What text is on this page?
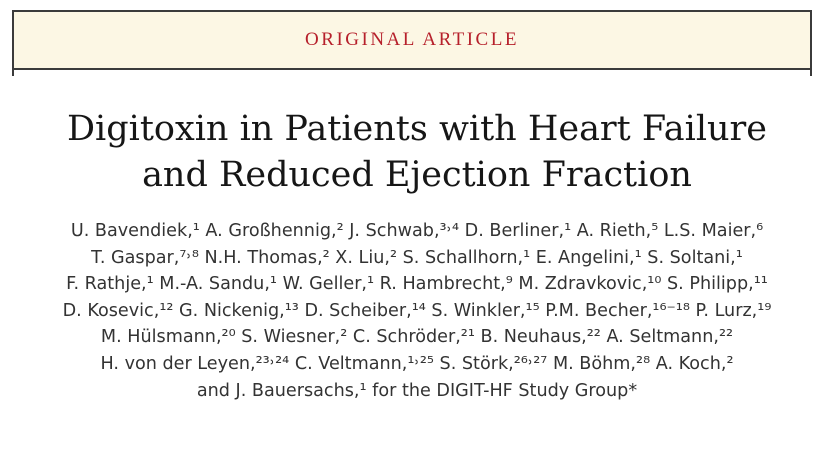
ORIGINAL ARTICLE
Digitoxin in Patients with Heart Failure
and Reduced Ejection Fraction
U. Bavendiek,¹ A. Großhennig,² J. Schwab,³˒⁴ D. Berliner,¹ A. Rieth,⁵ L.S. Maier,⁶
T. Gaspar,⁷˒⁸ N.H. Thomas,² X. Liu,² S. Schallhorn,¹ E. Angelini,¹ S. Soltani,¹
F. Rathje,¹ M.-A. Sandu,¹ W. Geller,¹ R. Hambrecht,⁹ M. Zdravkovic,¹⁰ S. Philipp,¹¹
D. Kosevic,¹² G. Nickenig,¹³ D. Scheiber,¹⁴ S. Winkler,¹⁵ P.M. Becher,¹⁶⁻¹⁸ P. Lurz,¹⁹
M. Hülsmann,²⁰ S. Wiesner,² C. Schröder,²¹ B. Neuhaus,²² A. Seltmann,²²
H. von der Leyen,²³˒²⁴ C. Veltmann,¹˒²⁵ S. Störk,²⁶˒²⁷ M. Böhm,²⁸ A. Koch,²
and J. Bauersachs,¹ for the DIGIT-HF Study Group*
